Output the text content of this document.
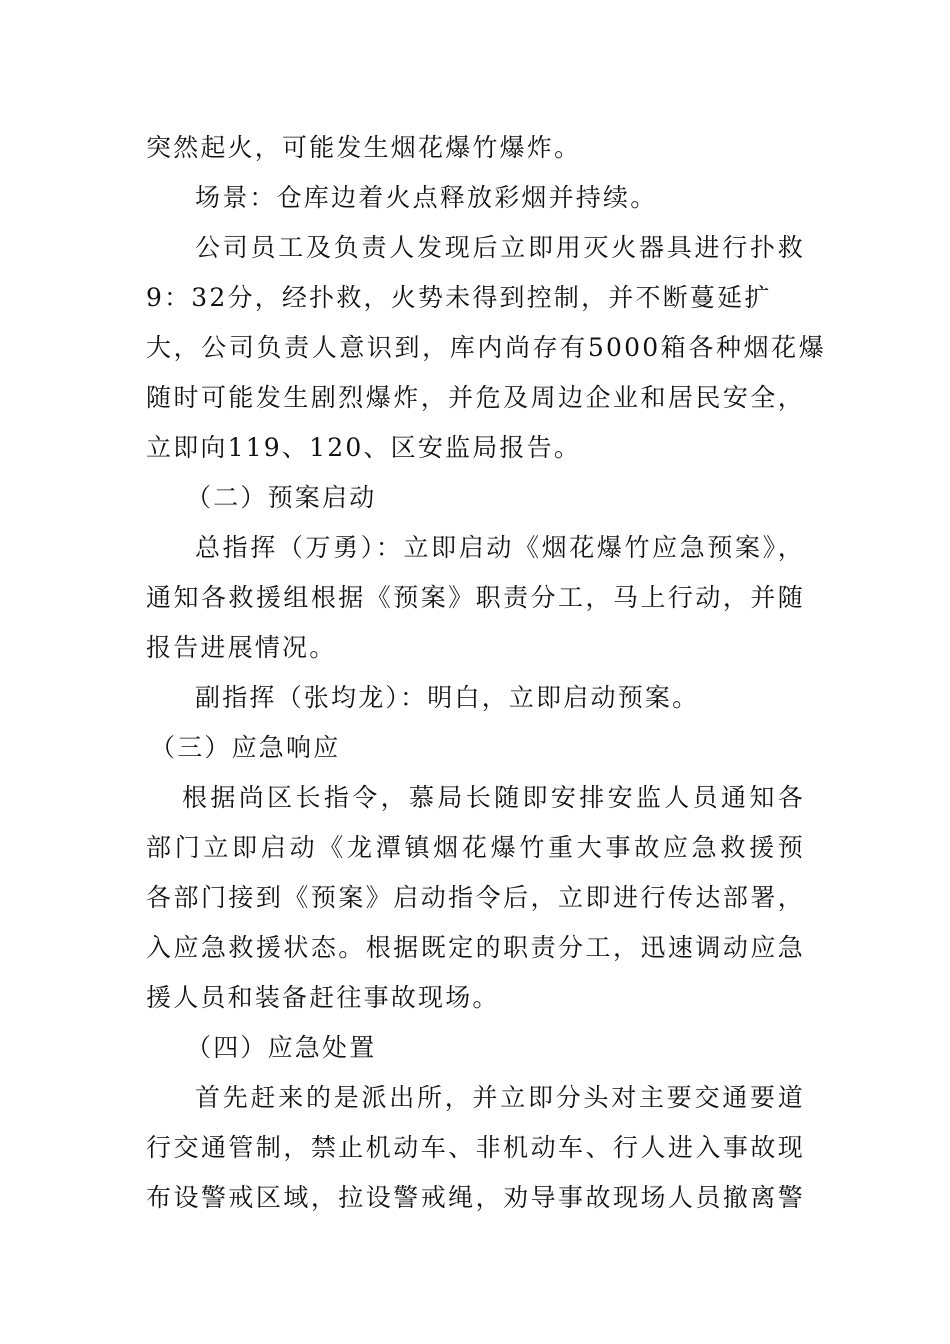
突然起火，可能发生烟花爆竹爆炸。
场景：仓库边着火点释放彩烟并持续。
公司员工及负责人发现后立即用灭火器具进行扑救
9：32分，经扑救，火势未得到控制，并不断蔓延扩
大，公司负责人意识到，库内尚存有5000箱各种烟花爆
随时可能发生剧烈爆炸，并危及周边企业和居民安全，
立即向119、120、区安监局报告。
（二）预案启动
总指挥（万勇）：立即启动《烟花爆竹应急预案》，
通知各救援组根据《预案》职责分工，马上行动，并随
报告进展情况。
副指挥（张均龙）：明白，立即启动预案。
（三）应急响应
根据尚区长指令，慕局长随即安排安监人员通知各
部门立即启动《龙潭镇烟花爆竹重大事故应急救援预
各部门接到《预案》启动指令后，立即进行传达部署，
入应急救援状态。根据既定的职责分工，迅速调动应急
援人员和装备赶往事故现场。
（四）应急处置
首先赶来的是派出所，并立即分头对主要交通要道
行交通管制，禁止机动车、非机动车、行人进入事故现
布设警戒区域，拉设警戒绳，劝导事故现场人员撤离警
